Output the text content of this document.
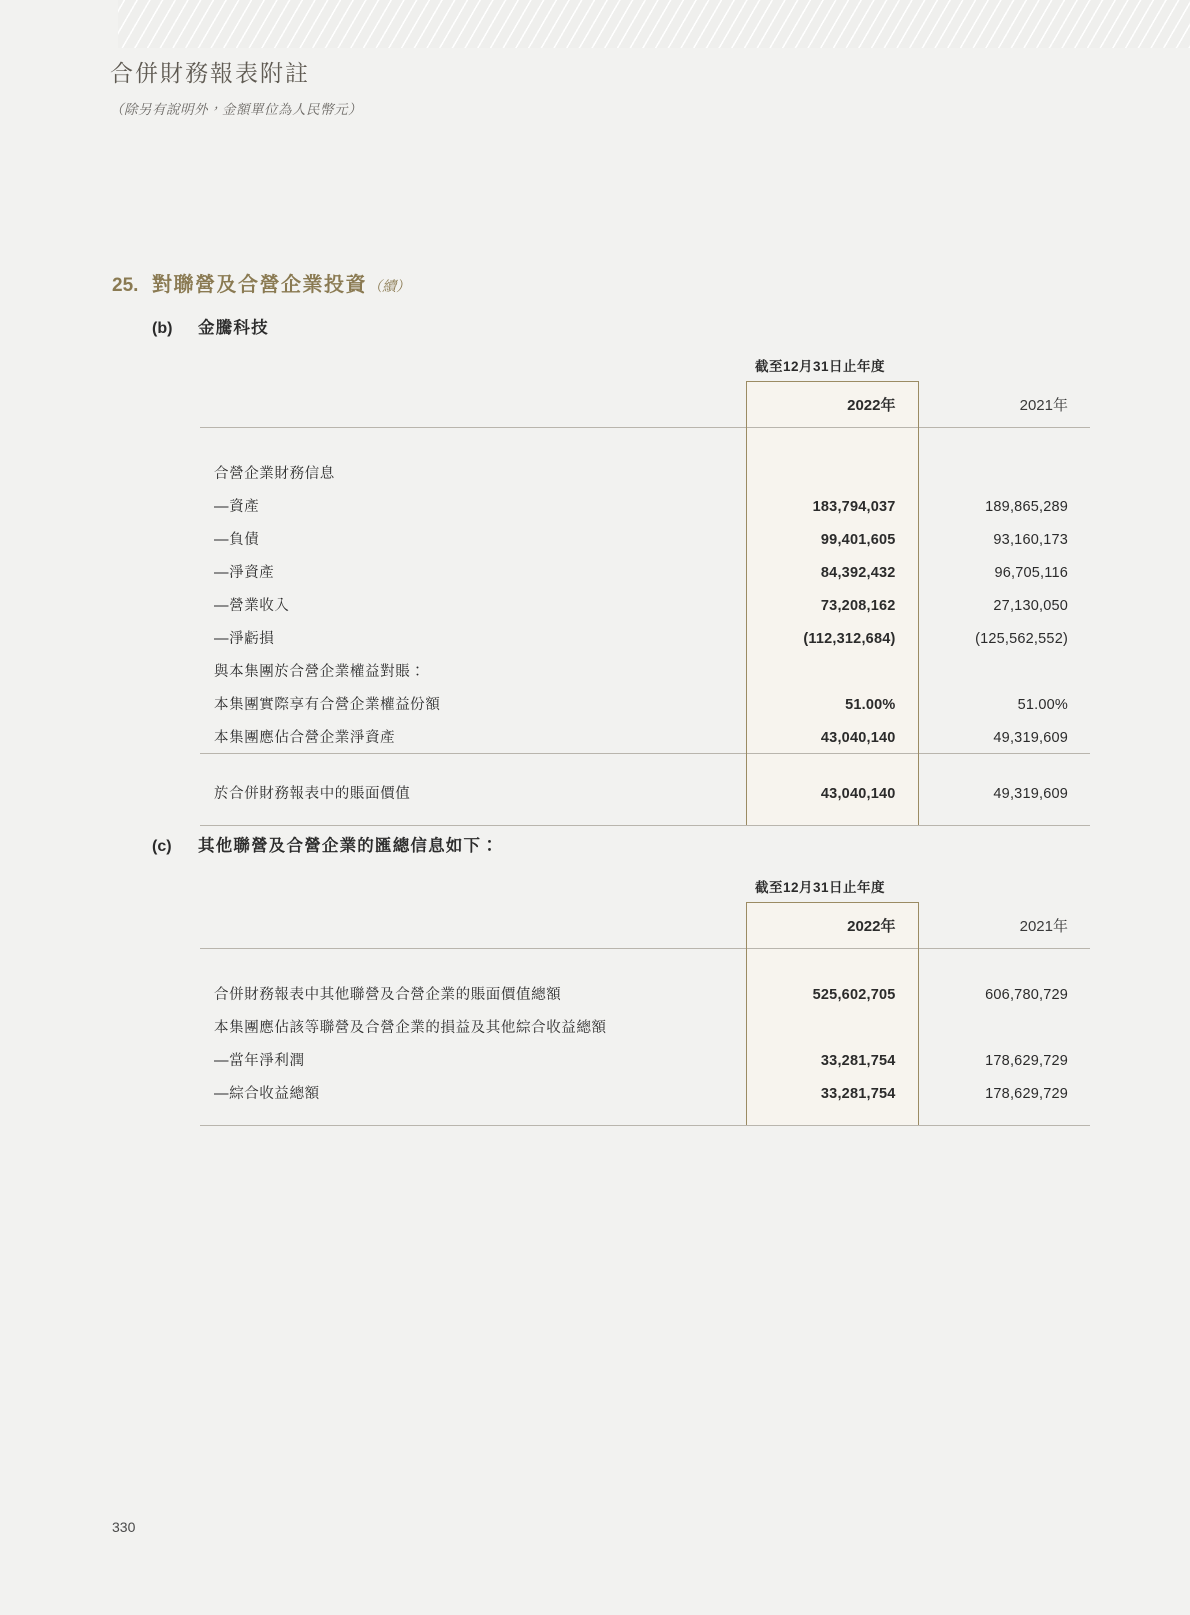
合併財務報表附註
（除另有說明外，金額單位為人民幣元）
25. 對聯營及合營企業投資 （續）
(b)	金騰科技
截至12月31日止年度
	2022年	2021年

合營企業財務信息		
—資產	183,794,037	189,865,289
—負債	99,401,605	93,160,173
—淨資產	84,392,432	96,705,116
—營業收入	73,208,162	27,130,050
—淨虧損	(112,312,684)	(125,562,552)
與本集團於合營企業權益對賬：		
本集團實際享有合營企業權益份額	51.00%	51.00%
本集團應佔合營企業淨資產	43,040,140	49,319,609

於合併財務報表中的賬面價值	43,040,140	49,319,609

(c)	其他聯營及合營企業的匯總信息如下：
截至12月31日止年度
	2022年	2021年

合併財務報表中其他聯營及合營企業的賬面價值總額	525,602,705	606,780,729
本集團應佔該等聯營及合營企業的損益及其他綜合收益總額		
—當年淨利潤	33,281,754	178,629,729
—綜合收益總額	33,281,754	178,629,729

330
